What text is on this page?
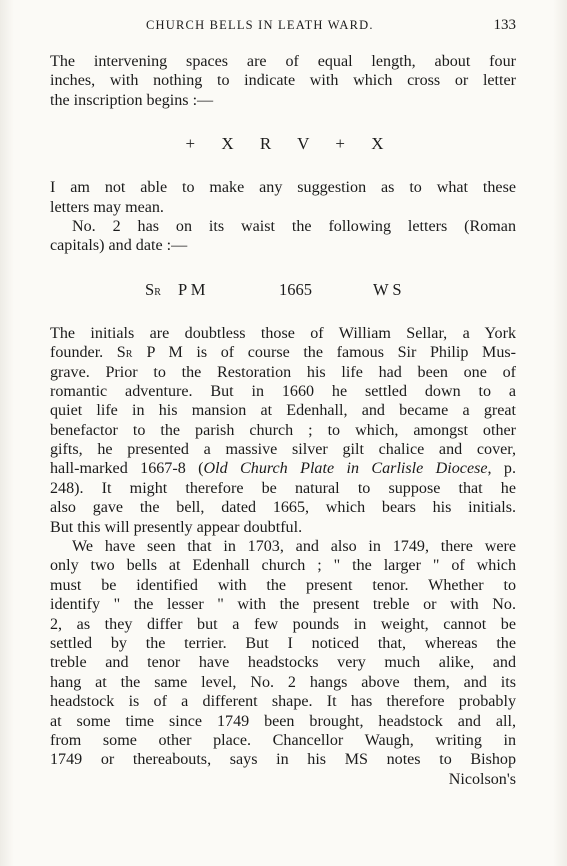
CHURCH BELLS IN LEATH WARD.	133
The intervening spaces are of equal length, about four
inches, with nothing to indicate with which cross or letter
the inscription begins :—
+ X R V + X
I am not able to make any suggestion as to what these
letters may mean.
No. 2 has on its waist the following letters (Roman
capitals) and date :—
SR P M	1665	W S
The initials are doubtless those of William Sellar, a York
founder. SR P M is of course the famous Sir Philip Mus-
grave. Prior to the Restoration his life had been one of
romantic adventure. But in 1660 he settled down to a
quiet life in his mansion at Edenhall, and became a great
benefactor to the parish church ; to which, amongst other
gifts, he presented a massive silver gilt chalice and cover,
hall-marked 1667-8 (Old Church Plate in Carlisle Diocese, p.
248). It might therefore be natural to suppose that he
also gave the bell, dated 1665, which bears his initials.
But this will presently appear doubtful.
We have seen that in 1703, and also in 1749, there were
only two bells at Edenhall church ; " the larger " of which
must be identified with the present tenor. Whether to
identify " the lesser " with the present treble or with No.
2, as they differ but a few pounds in weight, cannot be
settled by the terrier. But I noticed that, whereas the
treble and tenor have headstocks very much alike, and
hang at the same level, No. 2 hangs above them, and its
headstock is of a different shape. It has therefore probably
at some time since 1749 been brought, headstock and all,
from some other place. Chancellor Waugh, writing in
1749 or thereabouts, says in his MS notes to Bishop
Nicolson's
